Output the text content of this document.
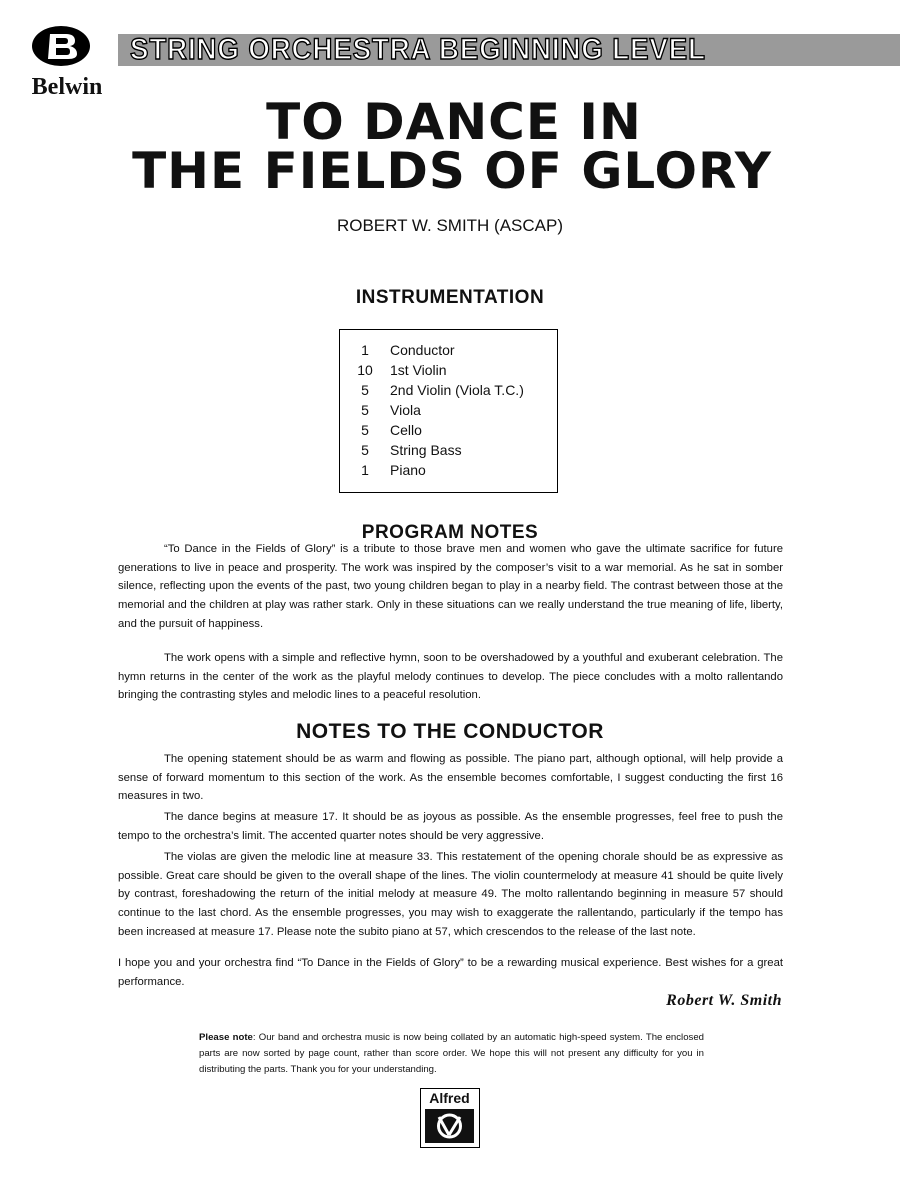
Belwin
STRING ORCHESTRA BEGINNING LEVEL
TO DANCE IN
THE FIELDS OF GLORY
ROBERT W. SMITH (ASCAP)
INSTRUMENTATION
1	Conductor
10 1st Violin
5	2nd Violin (Viola T.C.)
5	Viola
5	Cello
5	String Bass
1	Piano
PROGRAM NOTES

“To Dance in the Fields of Glory” is a tribute to those brave men and women who gave the ultimate sacrifice for future generations to live in peace and prosperity. The work was inspired by the composer’s visit to a war memorial. As he sat in somber silence, reflecting upon the events of the past, two young children began to play in a nearby field. The contrast between those at the memorial and the children at play was rather stark. Only in these situations can we really understand the true meaning of life, liberty, and the pursuit of happiness.

The work opens with a simple and reflective hymn, soon to be overshadowed by a youthful and exuberant celebration. The hymn returns in the center of the work as the playful melody continues to develop. The piece concludes with a molto rallentando bringing the contrasting styles and melodic lines to a peaceful resolution.

NOTES TO THE CONDUCTOR

The opening statement should be as warm and flowing as possible. The piano part, although optional, will help provide a sense of forward momentum to this section of the work. As the ensemble becomes comfortable, I suggest conducting the first 16 measures in two.

The dance begins at measure 17. It should be as joyous as possible. As the ensemble progresses, feel free to push the tempo to the orchestra’s limit. The accented quarter notes should be very aggressive.

The violas are given the melodic line at measure 33. This restatement of the opening chorale should be as expressive as possible. Great care should be given to the overall shape of the lines. The violin countermelody at measure 41 should be quite lively by contrast, foreshadowing the return of the initial melody at measure 49. The molto rallentando beginning in measure 57 should continue to the last chord. As the ensemble progresses, you may wish to exaggerate the rallentando, particularly if the tempo has been increased at measure 17. Please note the subito piano at 57, which crescendos to the release of the last note.

I hope you and your orchestra find “To Dance in the Fields of Glory” to be a rewarding musical experience. Best wishes for a great performance.

Robert W. Smith

Please note: Our band and orchestra music is now being collated by an automatic high-speed system. The enclosed parts are now sorted by page count, rather than score order. We hope this will not present any difficulty for you in distributing the parts. Thank you for your understanding.

Alfred
